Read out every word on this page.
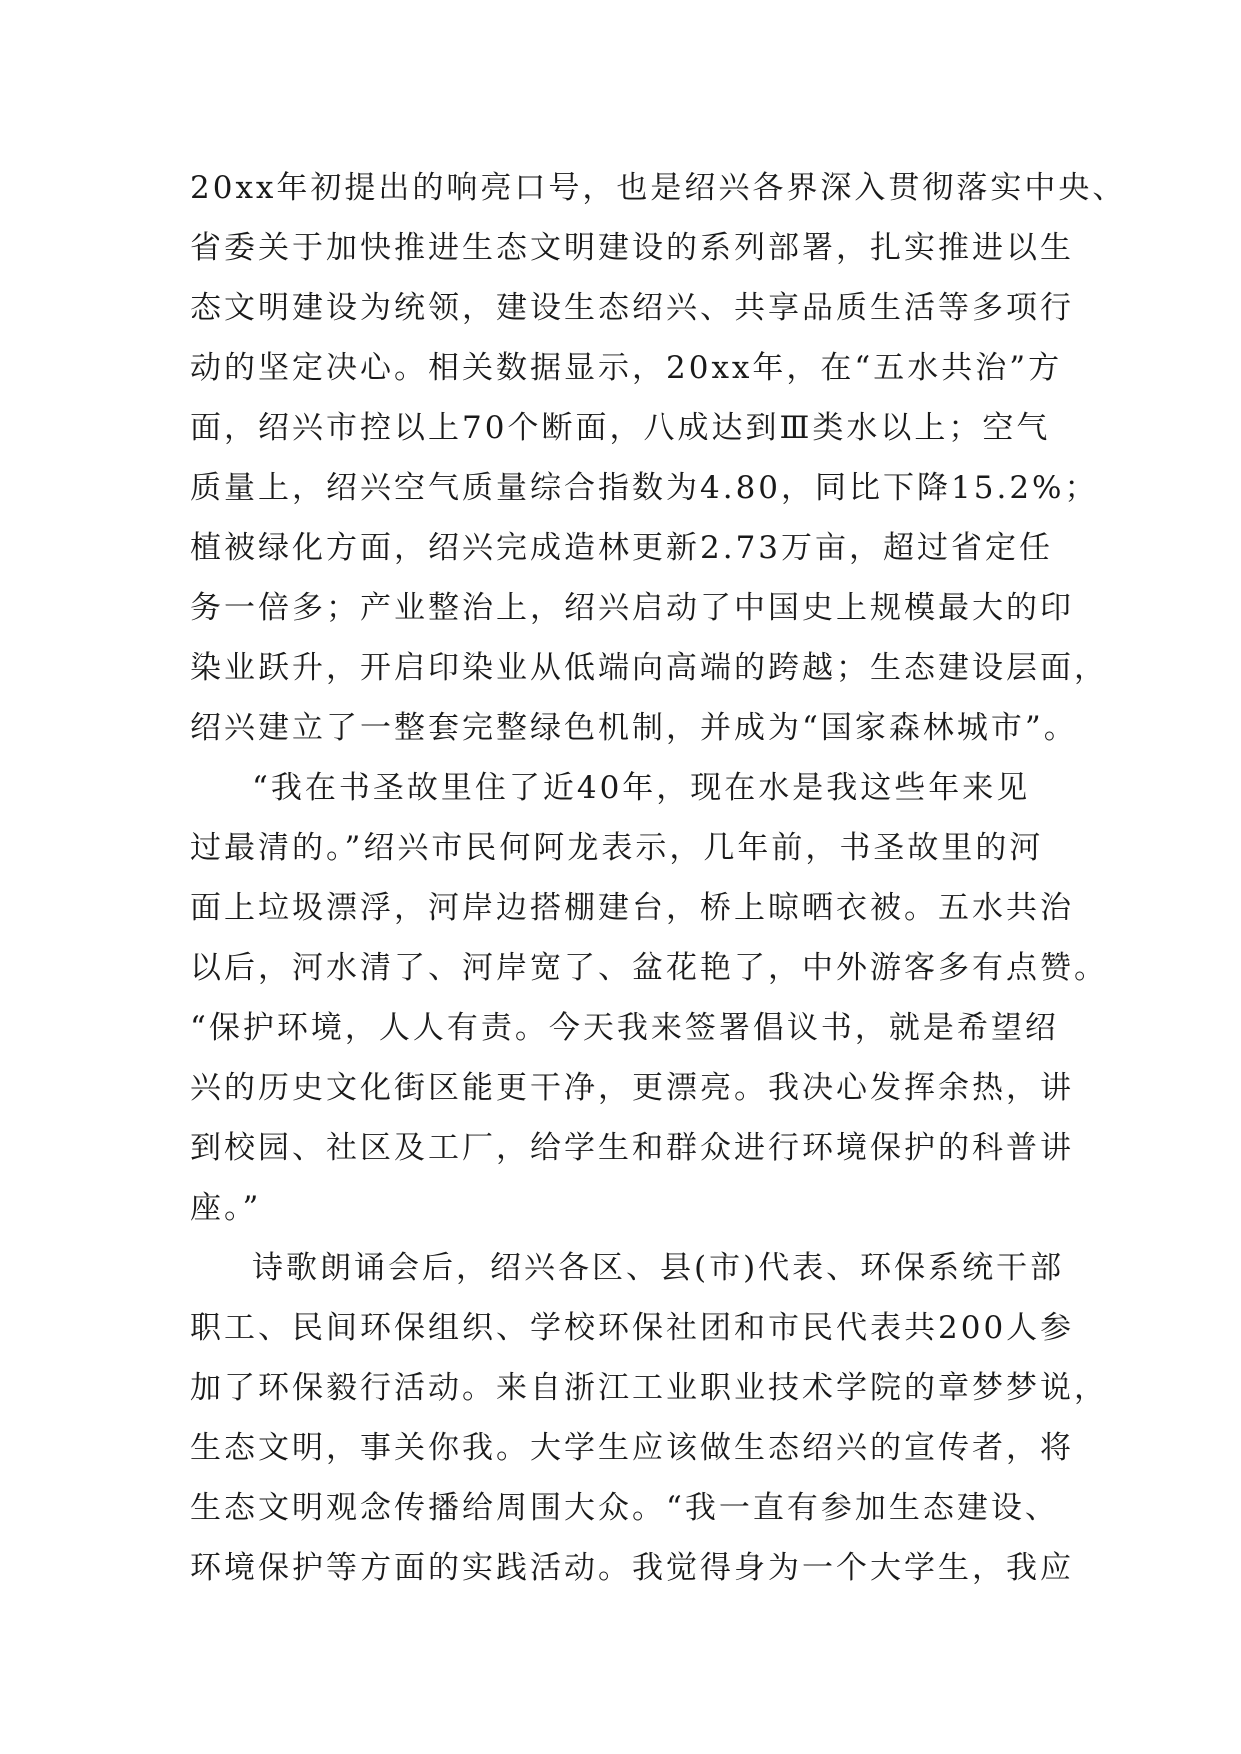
20xx年初提出的响亮口号，也是绍兴各界深入贯彻落实中央、
省委关于加快推进生态文明建设的系列部署，扎实推进以生
态文明建设为统领，建设生态绍兴、共享品质生活等多项行
动的坚定决心。相关数据显示，20xx年，在“五水共治”方
面，绍兴市控以上70个断面，八成达到Ⅲ类水以上；空气
质量上，绍兴空气质量综合指数为4.80，同比下降15.2%；
植被绿化方面，绍兴完成造林更新2.73万亩，超过省定任
务一倍多；产业整治上，绍兴启动了中国史上规模最大的印
染业跃升，开启印染业从低端向高端的跨越；生态建设层面，
绍兴建立了一整套完整绿色机制，并成为“国家森林城市”。
“我在书圣故里住了近40年，现在水是我这些年来见
过最清的。”绍兴市民何阿龙表示，几年前，书圣故里的河
面上垃圾漂浮，河岸边搭棚建台，桥上晾晒衣被。五水共治
以后，河水清了、河岸宽了、盆花艳了，中外游客多有点赞。
“保护环境，人人有责。今天我来签署倡议书，就是希望绍
兴的历史文化街区能更干净，更漂亮。我决心发挥余热，讲
到校园、社区及工厂，给学生和群众进行环境保护的科普讲
座。”
诗歌朗诵会后，绍兴各区、县(市)代表、环保系统干部
职工、民间环保组织、学校环保社团和市民代表共200人参
加了环保毅行活动。来自浙江工业职业技术学院的章梦梦说，
生态文明，事关你我。大学生应该做生态绍兴的宣传者，将
生态文明观念传播给周围大众。“我一直有参加生态建设、
环境保护等方面的实践活动。我觉得身为一个大学生，我应
